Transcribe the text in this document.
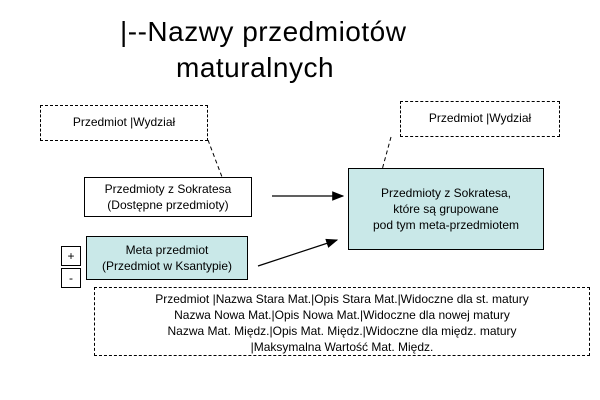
|--Nazwy przedmiotów
maturalnych
Przedmiot |Wydział	Przedmiot |Wydział
Przedmioty z Sokratesa
(Dostępne przedmioty)
Meta przedmiot
(Przedmiot w Ksantypie)
+
-
Przedmioty z Sokratesa,
które są grupowane
pod tym meta-przedmiotem
Przedmiot |Nazwa Stara Mat.|Opis Stara Mat.|Widoczne dla st. matury
Nazwa Nowa Mat.|Opis Nowa Mat.|Widoczne dla nowej matury
Nazwa Mat. Międz.|Opis Mat. Międz.|Widoczne dla międz. matury
|Maksymalna Wartość Mat. Międz.
